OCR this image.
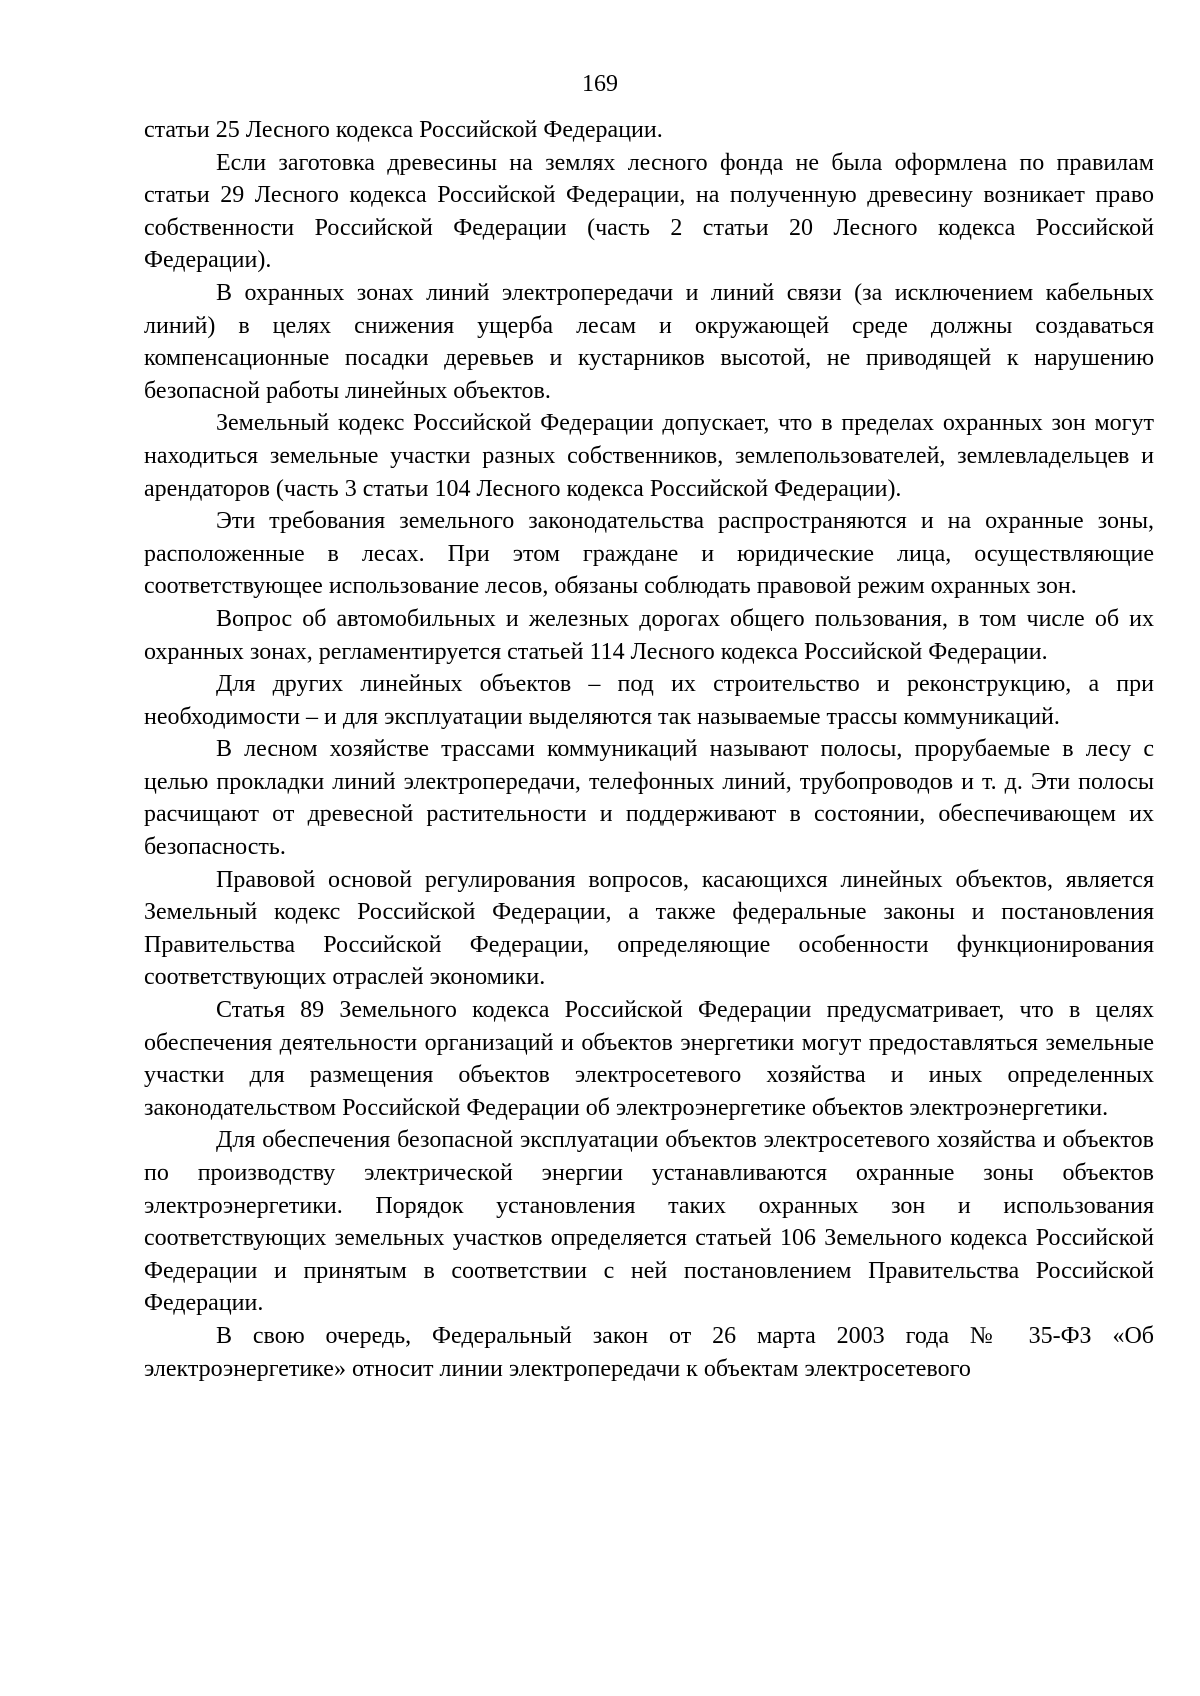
169

статьи 25 Лесного кодекса Российской Федерации.

Если заготовка древесины на землях лесного фонда не была оформлена по правилам статьи 29 Лесного кодекса Российской Федерации, на полученную древесину возникает право собственности Российской Федерации (часть 2 статьи 20 Лесного кодекса Российской Федерации).

В охранных зонах линий электропередачи и линий связи (за исключением кабельных линий) в целях снижения ущерба лесам и окружающей среде должны создаваться компенсационные посадки деревьев и кустарников высотой, не приводящей к нарушению безопасной работы линейных объектов.

Земельный кодекс Российской Федерации допускает, что в пределах охранных зон могут находиться земельные участки разных собственников, землепользователей, землевладельцев и арендаторов (часть 3 статьи 104 Лесного кодекса Российской Федерации).

Эти требования земельного законодательства распространяются и на охранные зоны, расположенные в лесах. При этом граждане и юридические лица, осуществляющие соответствующее использование лесов, обязаны соблюдать правовой режим охранных зон.

Вопрос об автомобильных и железных дорогах общего пользования, в том числе об их охранных зонах, регламентируется статьей 114 Лесного кодекса Российской Федерации.

Для других линейных объектов – под их строительство и реконструкцию, а при необходимости – и для эксплуатации выделяются так называемые трассы коммуникаций.

В лесном хозяйстве трассами коммуникаций называют полосы, прорубаемые в лесу с целью прокладки линий электропередачи, телефонных линий, трубопроводов и т. д. Эти полосы расчищают от древесной растительности и поддерживают в состоянии, обеспечивающем их безопасность.

Правовой основой регулирования вопросов, касающихся линейных объектов, является Земельный кодекс Российской Федерации, а также федеральные законы и постановления Правительства Российской Федерации, определяющие особенности функционирования соответствующих отраслей экономики.

Статья 89 Земельного кодекса Российской Федерации предусматривает, что в целях обеспечения деятельности организаций и объектов энергетики могут предоставляться земельные участки для размещения объектов электросетевого хозяйства и иных определенных законодательством Российской Федерации об электроэнергетике объектов электроэнергетики.

Для обеспечения безопасной эксплуатации объектов электросетевого хозяйства и объектов по производству электрической энергии устанавливаются охранные зоны объектов электроэнергетики. Порядок установления таких охранных зон и использования соответствующих земельных участков определяется статьей 106 Земельного кодекса Российской Федерации и принятым в соответствии с ней постановлением Правительства Российской Федерации.

В свою очередь, Федеральный закон от 26 марта 2003 года № 35-ФЗ «Об электроэнергетике» относит линии электропередачи к объектам электросетевого
